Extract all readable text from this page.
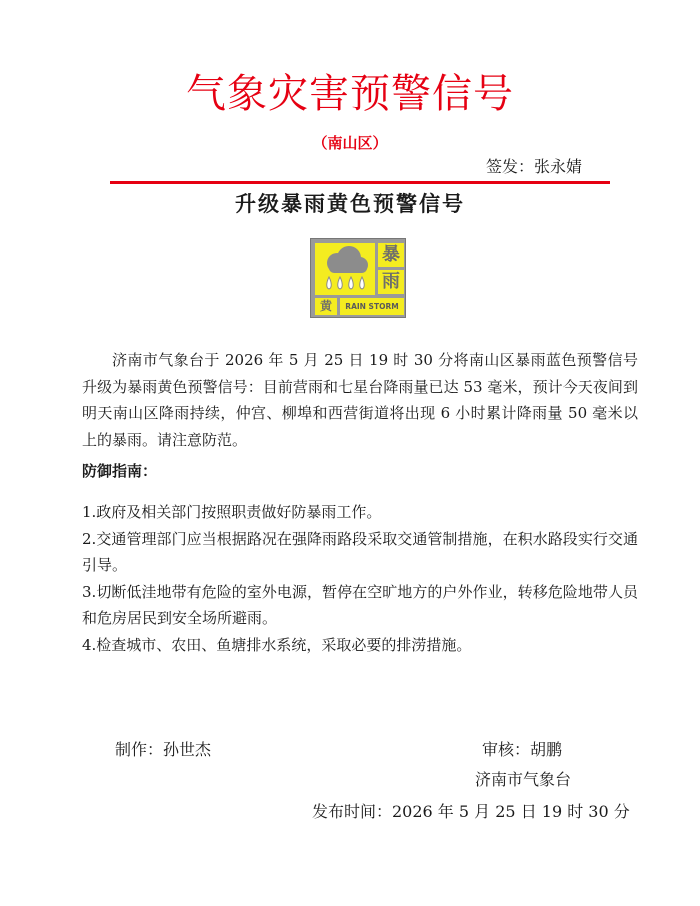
气象灾害预警信号
（南山区）
签发：张永婧
升级暴雨黄色预警信号
暴
雨
黄	RAIN STORM
济南市气象台于 2026 年 5 月 25 日 19 时 30 分将南山区暴雨蓝色预警信号升级为暴雨黄色预警信号：目前营雨和七星台降雨量已达 53 毫米，预计今天夜间到明天南山区降雨持续，仲宫、柳埠和西营街道将出现 6 小时累计降雨量 50 毫米以上的暴雨。请注意防范。
防御指南：
1.政府及相关部门按照职责做好防暴雨工作。
2.交通管理部门应当根据路况在强降雨路段采取交通管制措施，在积水路段实行交通引导。
3.切断低洼地带有危险的室外电源，暂停在空旷地方的户外作业，转移危险地带人员和危房居民到安全场所避雨。
4.检查城市、农田、鱼塘排水系统，采取必要的排涝措施。
制作：孙世杰	审核：胡鹏
济南市气象台
发布时间：2026 年 5 月 25 日 19 时 30 分
